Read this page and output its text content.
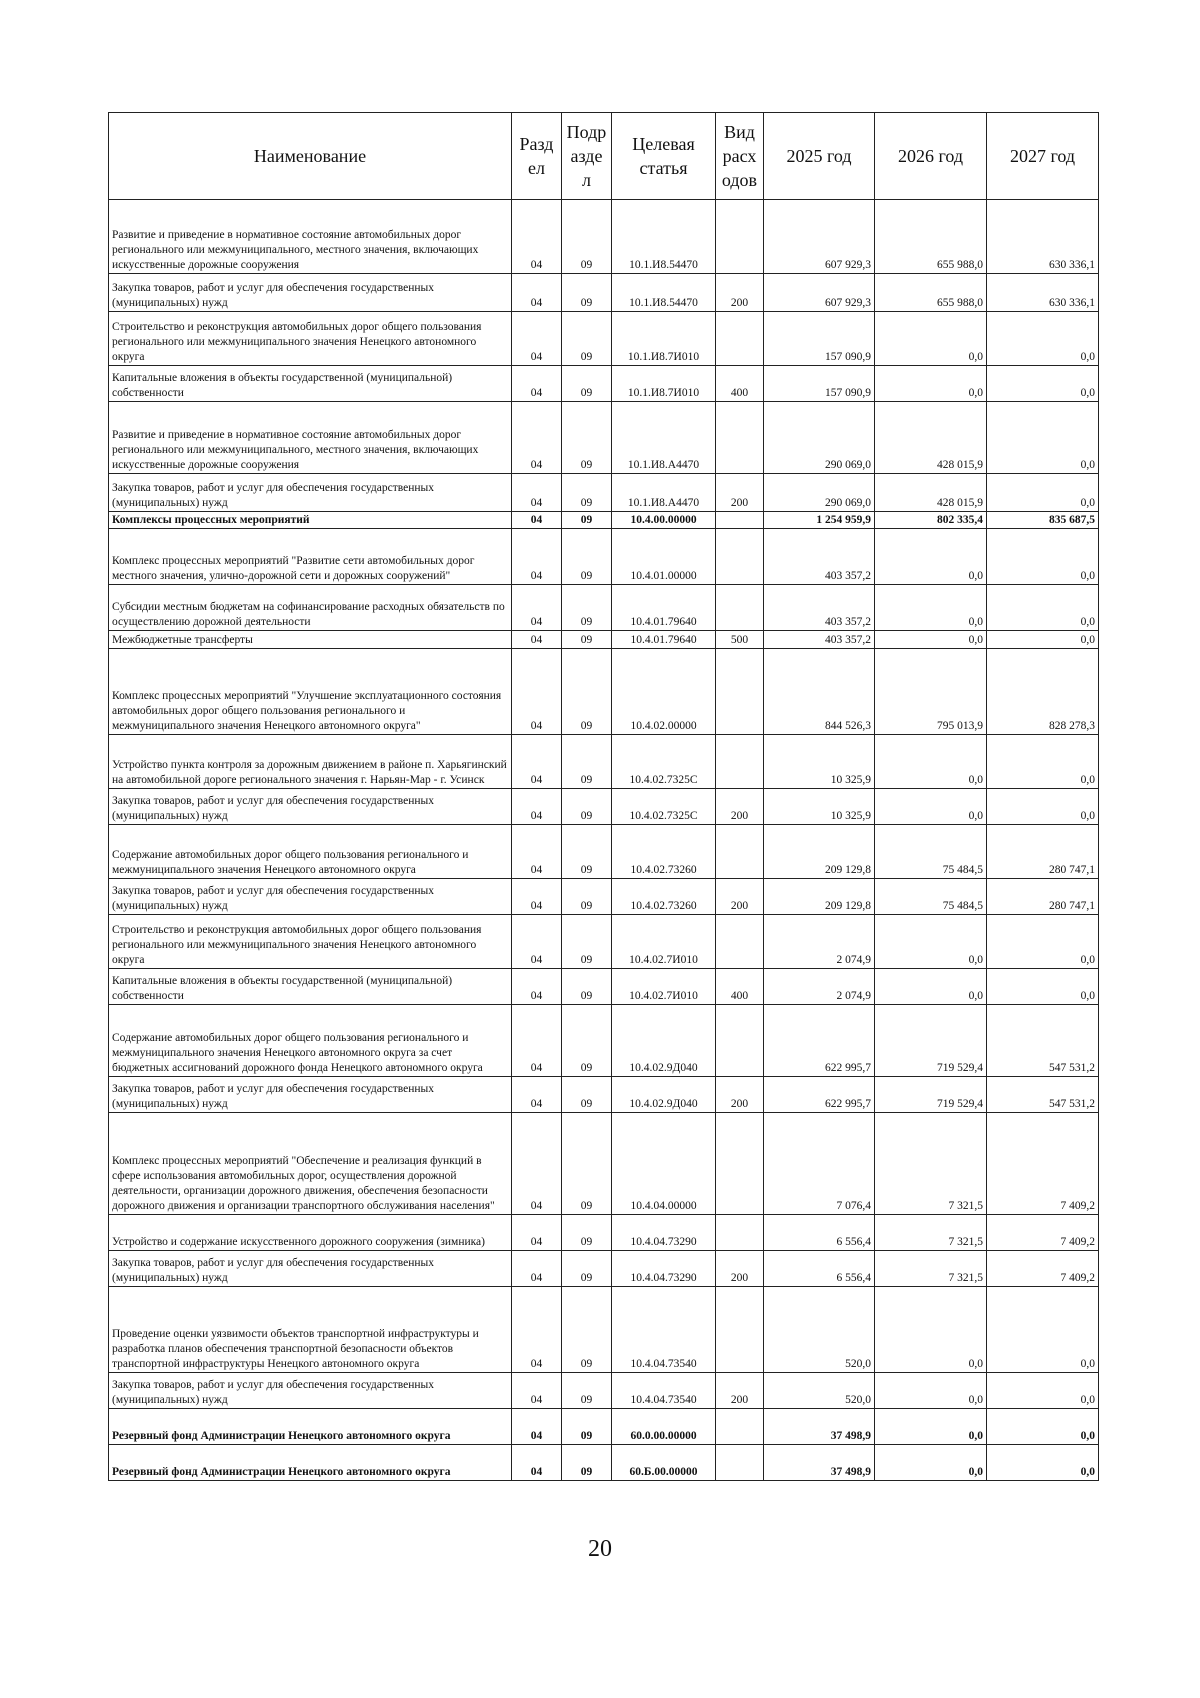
Наименование	Разд ел	Подр азде л	Целевая статья	Вид расх одов	2025 год	2026 год	2027 год
Развитие и приведение в нормативное состояние автомобильных дорог регионального или межмуниципального, местного значения, включающих искусственные дорожные сооружения	04	09	10.1.И8.54470		607 929,3	655 988,0	630 336,1
Закупка товаров, работ и услуг для обеспечения государственных (муниципальных) нужд	04	09	10.1.И8.54470	200	607 929,3	655 988,0	630 336,1
Строительство и реконструкция автомобильных дорог общего пользования регионального или межмуниципального значения Ненецкого автономного округа	04	09	10.1.И8.7И010		157 090,9	0,0	0,0
Капитальные вложения в объекты государственной (муниципальной) собственности	04	09	10.1.И8.7И010	400	157 090,9	0,0	0,0
Развитие и приведение в нормативное состояние автомобильных дорог регионального или межмуниципального, местного значения, включающих искусственные дорожные сооружения	04	09	10.1.И8.А4470		290 069,0	428 015,9	0,0
Закупка товаров, работ и услуг для обеспечения государственных (муниципальных) нужд	04	09	10.1.И8.А4470	200	290 069,0	428 015,9	0,0
Комплексы процессных мероприятий	04	09	10.4.00.00000		1 254 959,9	802 335,4	835 687,5
Комплекс процессных мероприятий "Развитие сети автомобильных дорог местного значения, улично-дорожной сети и дорожных сооружений"	04	09	10.4.01.00000		403 357,2	0,0	0,0
Субсидии местным бюджетам на софинансирование расходных обязательств по осуществлению дорожной деятельности	04	09	10.4.01.79640		403 357,2	0,0	0,0
Межбюджетные трансферты	04	09	10.4.01.79640	500	403 357,2	0,0	0,0
Комплекс процессных мероприятий "Улучшение эксплуатационного состояния автомобильных дорог общего пользования регионального и межмуниципального значения Ненецкого автономного округа"	04	09	10.4.02.00000		844 526,3	795 013,9	828 278,3
Устройство пункта контроля за дорожным движением в районе п. Харьягинский на автомобильной дороге регионального значения г. Нарьян-Мар - г. Усинск	04	09	10.4.02.7325С		10 325,9	0,0	0,0
Закупка товаров, работ и услуг для обеспечения государственных (муниципальных) нужд	04	09	10.4.02.7325С	200	10 325,9	0,0	0,0
Содержание автомобильных дорог общего пользования регионального и межмуниципального значения Ненецкого автономного округа	04	09	10.4.02.73260		209 129,8	75 484,5	280 747,1
Закупка товаров, работ и услуг для обеспечения государственных (муниципальных) нужд	04	09	10.4.02.73260	200	209 129,8	75 484,5	280 747,1
Строительство и реконструкция автомобильных дорог общего пользования регионального или межмуниципального значения Ненецкого автономного округа	04	09	10.4.02.7И010		2 074,9	0,0	0,0
Капитальные вложения в объекты государственной (муниципальной) собственности	04	09	10.4.02.7И010	400	2 074,9	0,0	0,0
Содержание автомобильных дорог общего пользования регионального и межмуниципального значения Ненецкого автономного округа за счет бюджетных ассигнований дорожного фонда Ненецкого автономного округа	04	09	10.4.02.9Д040		622 995,7	719 529,4	547 531,2
Закупка товаров, работ и услуг для обеспечения государственных (муниципальных) нужд	04	09	10.4.02.9Д040	200	622 995,7	719 529,4	547 531,2
Комплекс процессных мероприятий "Обеспечение и реализация функций в сфере использования автомобильных дорог, осуществления дорожной деятельности, организации дорожного движения, обеспечения безопасности дорожного движения и организации транспортного обслуживания населения"	04	09	10.4.04.00000		7 076,4	7 321,5	7 409,2
Устройство и содержание искусственного дорожного сооружения (зимника)	04	09	10.4.04.73290		6 556,4	7 321,5	7 409,2
Закупка товаров, работ и услуг для обеспечения государственных (муниципальных) нужд	04	09	10.4.04.73290	200	6 556,4	7 321,5	7 409,2
Проведение оценки уязвимости объектов транспортной инфраструктуры и разработка планов обеспечения транспортной безопасности объектов транспортной инфраструктуры Ненецкого автономного округа	04	09	10.4.04.73540		520,0	0,0	0,0
Закупка товаров, работ и услуг для обеспечения государственных (муниципальных) нужд	04	09	10.4.04.73540	200	520,0	0,0	0,0
Резервный фонд Администрации Ненецкого автономного округа	04	09	60.0.00.00000		37 498,9	0,0	0,0
Резервный фонд Администрации Ненецкого автономного округа	04	09	60.Б.00.00000		37 498,9	0,0	0,0
20
